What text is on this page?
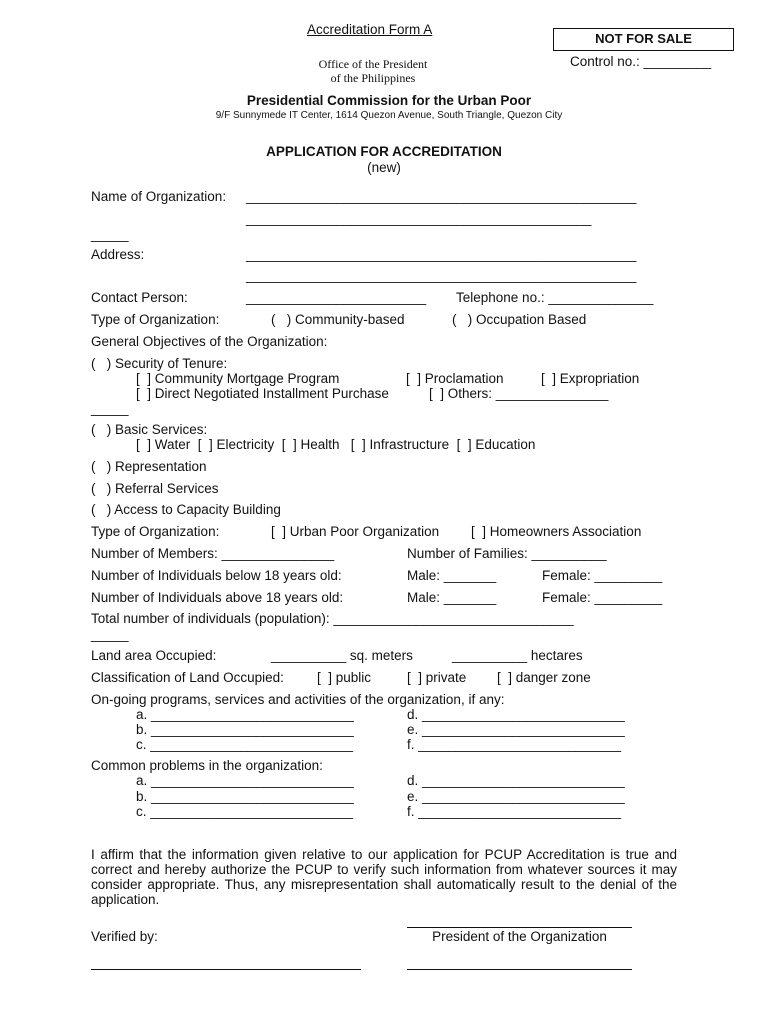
Accreditation Form A
NOT FOR SALE
Office of the President
of the Philippines
Control no.: _________
Presidential Commission for the Urban Poor
9/F Sunnymede IT Center, 1614 Quezon Avenue, South Triangle, Quezon City
APPLICATION FOR ACCREDITATION
(new)
Name of Organization: ____________________________________________________
______________________________________________
_____
Address:	____________________________________________________
____________________________________________________
Contact Person:	________________________ Telephone no.: ______________
Type of Organization:	(   ) Community-based	(   ) Occupation Based
General Objectives of the Organization:
(   ) Security of Tenure:
[  ] Community Mortgage Program	[  ] Proclamation	[  ] Expropriation
[  ] Direct Negotiated Installment Purchase	[  ] Others: _______________
_____
(   ) Basic Services:
[  ] Water  [  ] Electricity  [  ] Health   [  ] Infrastructure  [  ] Education
(   ) Representation
(   ) Referral Services
(   ) Access to Capacity Building
Type of Organization:	[  ] Urban Poor Organization [  ] Homeowners Association
Number of Members: _______________	Number of Families: __________
Number of Individuals below 18 years old:	Male: _______	Female: _________
Number of Individuals above 18 years old:	Male: _______	Female: _________
Total number of individuals (population): ________________________________
_____
Land area Occupied:	__________ sq. meters	__________ hectares
Classification of Land Occupied: [  ] public	[  ] private [  ] danger zone
On-going programs, services and activities of the organization, if any:
a. ___________________________
b. ___________________________
c. ___________________________
d. ___________________________
e. ___________________________
f. ___________________________
Common problems in the organization:
a. ___________________________
b. ___________________________
c. ___________________________
d. ___________________________
e. ___________________________
f. ___________________________
I affirm that the information given relative to our application for PCUP Accreditation is true and correct and hereby authorize the PCUP to verify such information from whatever sources it may consider appropriate. Thus, any misrepresentation shall automatically result to the denial of the application.
President of the Organization
Verified by:
